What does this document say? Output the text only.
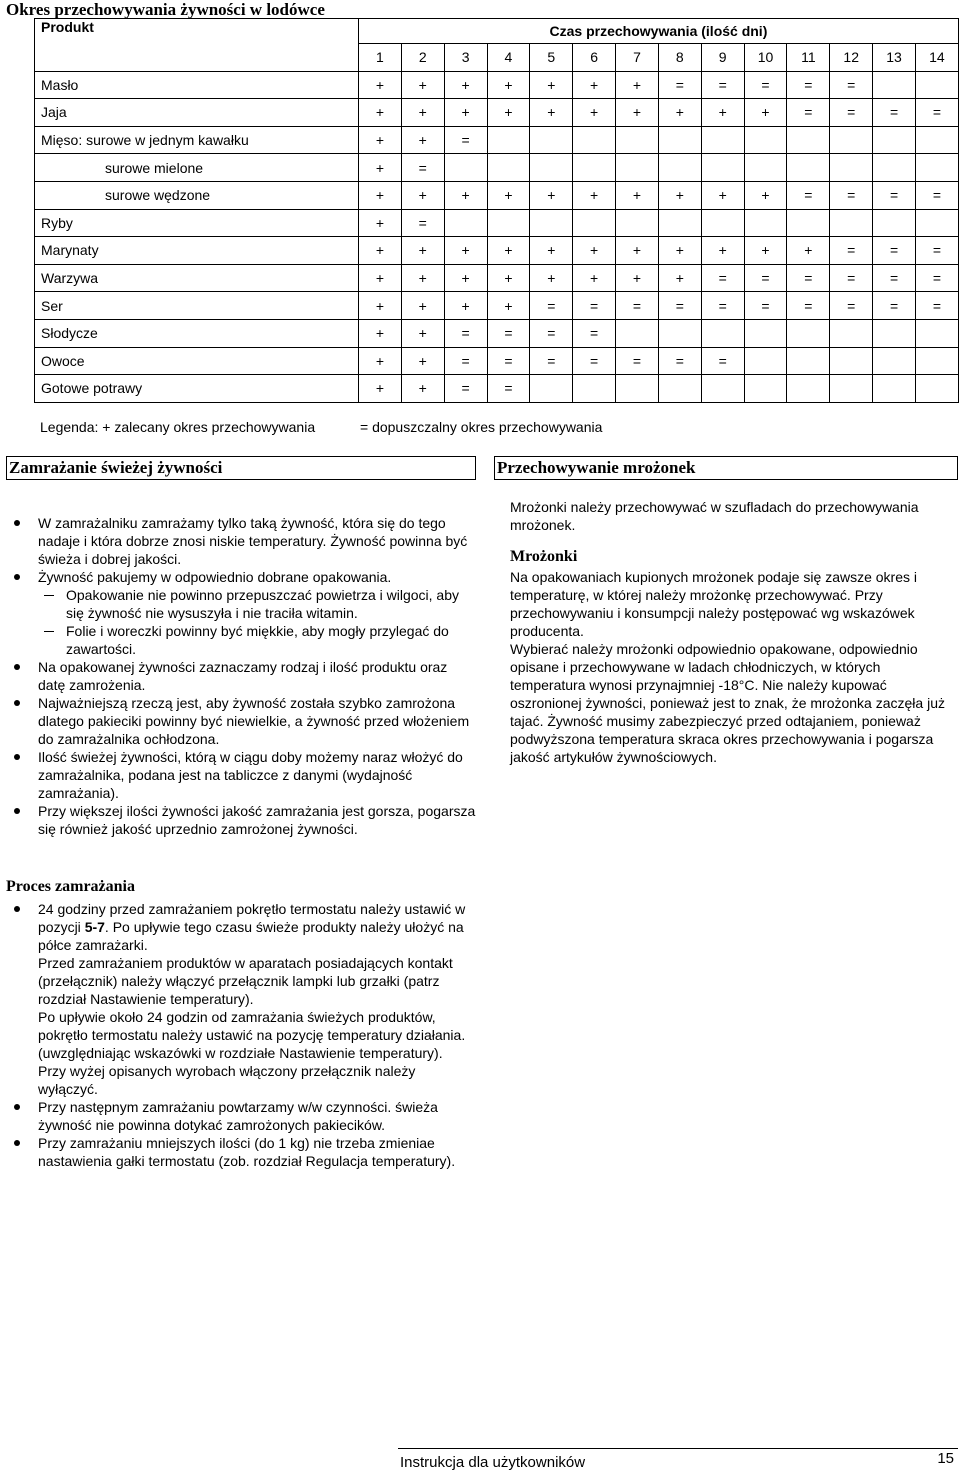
Okres przechowywania żywności w lodówce
Produkt	Czas przechowywania (ilość dni)													
	1	2	3	4	5	6	7	8	9	10	11	12	13	14
Masło	+	+	+	+	+	+	+	=	=	=	=	=		
Jaja	+	+	+	+	+	+	+	+	+	+	=	=	=	=
Mięso: surowe w jednym kawałku	+	+	=											
surowe mielone	+	=												
surowe wędzone	+	+	+	+	+	+	+	+	+	+	=	=	=	=
Ryby	+	=												
Marynaty	+	+	+	+	+	+	+	+	+	+	+	=	=	=
Warzywa	+	+	+	+	+	+	+	+	=	=	=	=	=	=
Ser	+	+	+	+	=	=	=	=	=	=	=	=	=	=
Słodycze	+	+	=	=	=	=								
Owoce	+	+	=	=	=	=	=	=	=					
Gotowe potrawy	+	+	=	=										
Legenda: + zalecany okres przechowywania	= dopuszczalny okres przechowywania
Zamrażanie świeżej żywności
W zamrażalniku zamrażamy tylko taką żywność, która się do tego nadaje i która dobrze znosi niskie temperatury. Żywność powinna być świeża i dobrej jakości.
Żywność pakujemy w odpowiednio dobrane opakowania.
Opakowanie nie powinno przepuszczać powietrza i wilgoci, aby się żywność nie wysuszyła i nie traciła witamin.
Folie i woreczki powinny być miękkie, aby mogły przylegać do zawartości.
Na opakowanej żywności zaznaczamy rodzaj i ilość produktu oraz datę zamrożenia.
Najważniejszą rzeczą jest, aby żywność została szybko zamrożona dlatego pakieciki powinny być niewielkie, a żywność przed włożeniem do zamrażalnika ochłodzona.
Ilość świeżej żywności, którą w ciągu doby możemy naraz włożyć do zamrażalnika, podana jest na tabliczce z danymi (wydajność zamrażania).
Przy większej ilości żywności jakość zamrażania jest gorsza, pogarsza się również jakość uprzednio zamrożonej żywności.
Przechowywanie mrożonek

Mrożonki należy przechowywać w szufladach do przechowywania mrożonek.

Mrożonki

Na opakowaniach kupionych mrożonek podaje się zawsze okres i temperaturę, w której należy mrożonkę przechowywać. Przy przechowywaniu i konsumpcji należy postępować wg wskazówek producenta.

Wybierać należy mrożonki odpowiednio opakowane, odpowiednio opisane i przechowywane w ladach chłodniczych, w których temperatura wynosi przynajmniej -18°C. Nie należy kupować oszronionej żywności, ponieważ jest to znak, że mrożonka zaczęła już tajać. Żywność musimy zabezpieczyć przed odtajaniem, ponieważ podwyższona temperatura skraca okres przechowywania i pogarsza jakość artykułów żywnościowych.

Proces zamrażania
24 godziny przed zamrażaniem pokrętło termostatu należy ustawić w pozycji 5-7. Po upływie tego czasu świeże produkty należy ułożyć na półce zamrażarki.
Przed zamrażaniem produktów w aparatach posiadających kontakt (przełącznik) należy włączyć przełącznik lampki lub grzałki (patrz rozdział Nastawienie temperatury).
Po upływie około 24 godzin od zamrażania świeżych produktów, pokrętło termostatu należy ustawić na pozycję temperatury działania. (uwzględniając wskazówki w rozdziałe Nastawienie temperatury).
Przy wyżej opisanych wyrobach włączony przełącznik należy wyłączyć.
Przy następnym zamrażaniu powtarzamy w/w czynności. świeża żywność nie powinna dotykać zamrożonych pakiecików.
Przy zamrażaniu mniejszych ilości (do 1 kg) nie trzeba zmieniae nastawienia gałki termostatu (zob. rozdział Regulacja temperatury).
Instrukcja dla użytkowników	15
